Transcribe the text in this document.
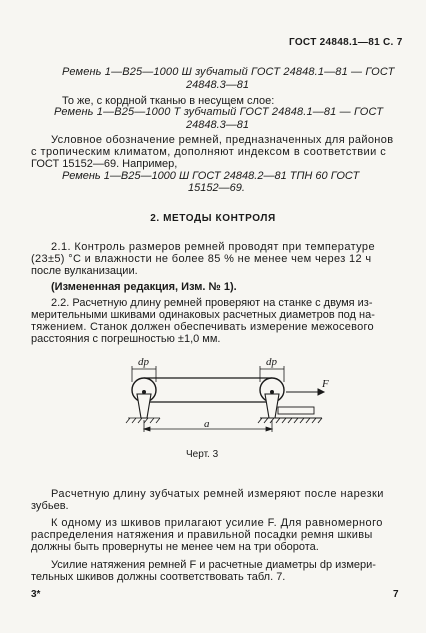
ГОСТ 24848.1—81 С. 7
Ремень 1—B25—1000 Ш зубчатый ГОСТ 24848.1—81 — ГОСТ
24848.3—81
То же, с кордной тканью в несущем слое:
Ремень 1—B25—1000 Т зубчатый ГОСТ 24848.1—81 — ГОСТ
24848.3—81
Условное обозначение ремней, предназначенных для районов
с тропическим климатом, дополняют индексом в соответствии с
ГОСТ 15152—69. Например,
Ремень 1—B25—1000 Ш ГОСТ 24848.2—81 ТПН 60 ГОСТ
15152—69.
2. МЕТОДЫ КОНТРОЛЯ
2.1. Контроль размеров ремней проводят при температуре
(23±5) °С и влажности не более 85 % не менее чем через 12 ч
после вулканизации.
(Измененная редакция, Изм. № 1).
2.2. Расчетную длину ремней проверяют на станке с двумя из-
мерительными шкивами одинаковых расчетных диаметров под на-
тяжением. Станок должен обеспечивать измерение межосевого
расстояния с погрешностью ±1,0 мм.
dp	dp
F
a
Черт. 3
Расчетную длину зубчатых ремней измеряют после нарезки
зубьев.
К одному из шкивов прилагают усилие F. Для равномерного
распределения натяжения и правильной посадки ремня шкивы
должны быть провернуты не менее чем на три оборота.
Усилие натяжения ремней F и расчетные диаметры dp измери-
тельных шкивов должны соответствовать табл. 7.
3*	7
